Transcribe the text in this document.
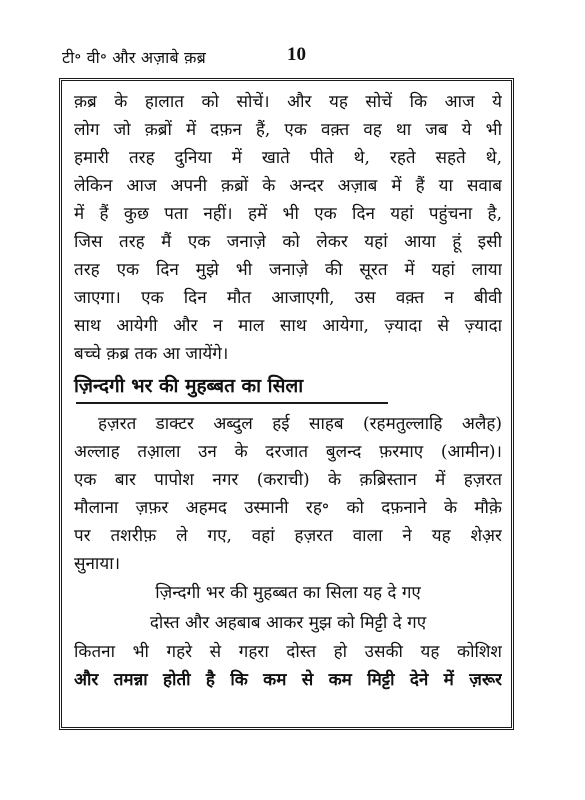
टी॰ वी॰ और अज़ाबे क़ब्र	10
क़ब्र के हालात को सोचें। और यह सोचें कि आज ये
लोग जो क़ब्रों में दफ़न हैं, एक वक़्त वह था जब ये भी
हमारी तरह दुनिया में खाते पीते थे, रहते सहते थे,
लेकिन आज अपनी क़ब्रों के अन्दर अज़ाब में हैं या सवाब
में हैं कुछ पता नहीं। हमें भी एक दिन यहां पहुंचना है,
जिस तरह मैं एक जनाज़े को लेकर यहां आया हूं इसी
तरह एक दिन मुझे भी जनाज़े की सूरत में यहां लाया
जाएगा। एक दिन मौत आजाएगी, उस वक़्त न बीवी
साथ आयेगी और न माल साथ आयेगा, ज़्यादा से ज़्यादा
बच्चे क़ब्र तक आ जायेंगे।
ज़िन्दगी भर की मुहब्बत का सिला
हज़रत डाक्टर अब्दुल हई साहब (रहमतुल्लाहि अलैह)
अल्लाह तआ़ला उन के दरजात बुलन्द फ़रमाए (आमीन)।
एक बार पापोश नगर (कराची) के क़ब्रिस्तान में हज़रत
मौलाना ज़फ़र अहमद उस्मानी रह॰ को दफ़नाने के मौक़े
पर तशरीफ़ ले गए, वहां हज़रत वाला ने यह शेअ़र
सुनाया।
ज़िन्दगी भर की मुहब्बत का सिला यह दे गए
दोस्त और अहबाब आकर मुझ को मिट्टी दे गए
कितना भी गहरे से गहरा दोस्त हो उसकी यह कोशिश
और तमन्ना होती है कि कम से कम मिट्टी देने में ज़रूर
